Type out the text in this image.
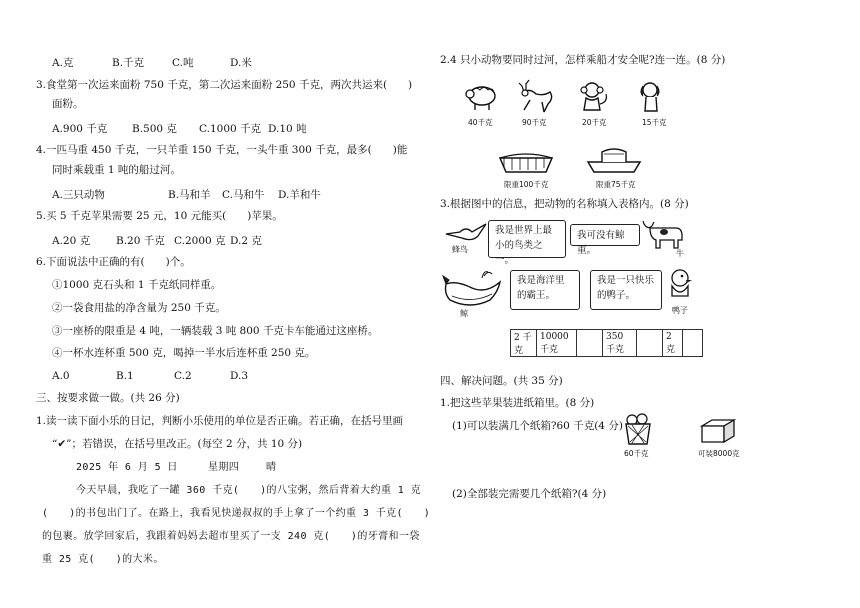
A.克	B.千克	C.吨	D.米
3.食堂第一次运来面粉 750 千克，第二次运来面粉 250 千克，两次共运来(　　)
面粉。
A.900 千克 B.500 克 C.1000 千克 D.10 吨
4.一匹马重 450 千克，一只羊重 150 千克，一头牛重 300 千克，最多(　　)能
同时乘载重 1 吨的船过河。
A.三只动物	B.马和羊 C.马和牛 D.羊和牛
5.买 5 千克苹果需要 25 元，10 元能买(　　)苹果。
A.20 克 B.20 千克 C.2000 克 D.2 克
6.下面说法中正确的有(　　)个。
①1000 克石头和 1 千克纸同样重。
②一袋食用盐的净含量为 250 千克。
③一座桥的限重是 4 吨，一辆装载 3 吨 800 千克卡车能通过这座桥。
④一杯水连杯重 500 克，喝掉一半水后连杯重 250 克。
A.0	B.1	C.2	D.3
三、按要求做一做。(共 26 分)
1.读一读下面小乐的日记，判断小乐使用的单位是否正确。若正确，在括号里画
“✔”；若错误，在括号里改正。(每空 2 分，共 10 分)
2025 年 6 月 5 日	星期四	晴
今天早晨，我吃了一罐 360 千克(　　)的八宝粥，然后背着大约重 1 克
(　　)的书包出门了。在路上，我看见快递叔叔的手上拿了一个约重 3 千克(　　)
的包裹。放学回家后，我跟着妈妈去超市里买了一支 240 克(　　)的牙膏和一袋
重 25 克(　　)的大米。
2.4 只小动物要同时过河，怎样乘船才安全呢?连一连。(8 分)
40千克	90千克	20千克	15千克
限重100千克	限重75千克
3.根据图中的信息，把动物的名称填入表格内。(8 分)
蜂鸟
我是世界上最小的鸟类之一。
我可没有鲸重。	牛
鲸
我是海洋里的霸王。
我是一只快乐的鸭子。
鸭子
2 千克	10000 千克		350 千克		2 克	
四、解决问题。(共 35 分)
1.把这些苹果装进纸箱里。(8 分)
(1)可以装满几个纸箱?60 千克(4 分)
60千克	可装8000克
(2)全部装完需要几个纸箱?(4 分)
